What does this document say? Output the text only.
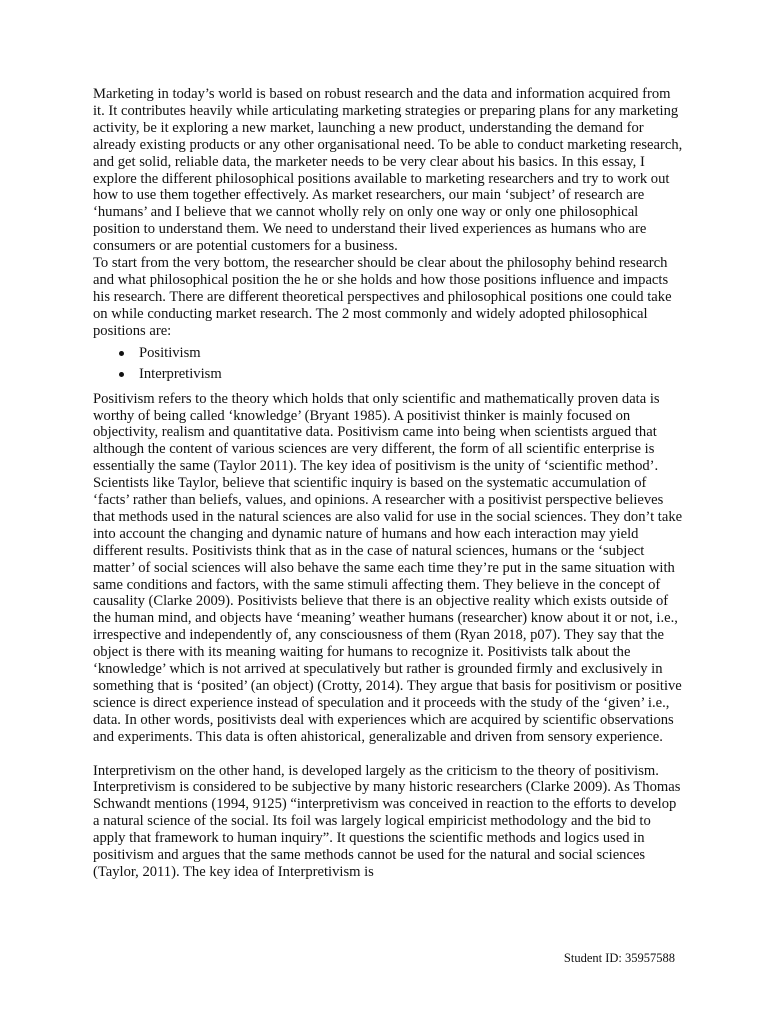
Marketing in today’s world is based on robust research and the data and information acquired from it. It contributes heavily while articulating marketing strategies or preparing plans for any marketing activity, be it exploring a new market, launching a new product, understanding the demand for already existing products or any other organisational need. To be able to conduct marketing research, and get solid, reliable data, the marketer needs to be very clear about his basics. In this essay, I explore the different philosophical positions available to marketing researchers and try to work out how to use them together effectively. As market researchers, our main ‘subject’ of research are ‘humans’ and I believe that we cannot wholly rely on only one way or only one philosophical position to understand them. We need to understand their lived experiences as humans who are consumers or are potential customers for a business.

To start from the very bottom, the researcher should be clear about the philosophy behind research and what philosophical position the he or she holds and how those positions influence and impacts his research. There are different theoretical perspectives and philosophical positions one could take on while conducting market research. The 2 most commonly and widely adopted philosophical positions are:

Positivism
Interpretivism

Positivism refers to the theory which holds that only scientific and mathematically proven data is worthy of being called ‘knowledge’ (Bryant 1985). A positivist thinker is mainly focused on objectivity, realism and quantitative data. Positivism came into being when scientists argued that although the content of various sciences are very different, the form of all scientific enterprise is essentially the same (Taylor 2011). The key idea of positivism is the unity of ‘scientific method’. Scientists like Taylor, believe that scientific inquiry is based on the systematic accumulation of ‘facts’ rather than beliefs, values, and opinions. A researcher with a positivist perspective believes that methods used in the natural sciences are also valid for use in the social sciences. They don’t take into account the changing and dynamic nature of humans and how each interaction may yield different results. Positivists think that as in the case of natural sciences, humans or the ‘subject matter’ of social sciences will also behave the same each time they’re put in the same situation with same conditions and factors, with the same stimuli affecting them. They believe in the concept of causality (Clarke 2009). Positivists believe that there is an objective reality which exists outside of the human mind, and objects have ‘meaning’ weather humans (researcher) know about it or not, i.e., irrespective and independently of, any consciousness of them (Ryan 2018, p07). They say that the object is there with its meaning waiting for humans to recognize it. Positivists talk about the ‘knowledge’ which is not arrived at speculatively but rather is grounded firmly and exclusively in something that is ‘posited’ (an object) (Crotty, 2014). They argue that basis for positivism or positive science is direct experience instead of speculation and it proceeds with the study of the ‘given’ i.e., data. In other words, positivists deal with experiences which are acquired by scientific observations and experiments. This data is often ahistorical, generalizable and driven from sensory experience.

Interpretivism on the other hand, is developed largely as the criticism to the theory of positivism. Interpretivism is considered to be subjective by many historic researchers (Clarke 2009). As Thomas Schwandt mentions (1994, 9125) “interpretivism was conceived in reaction to the efforts to develop a natural science of the social. Its foil was largely logical empiricist methodology and the bid to apply that framework to human inquiry”. It questions the scientific methods and logics used in positivism and argues that the same methods cannot be used for the natural and social sciences (Taylor, 2011). The key idea of Interpretivism is

Student ID: 35957588
